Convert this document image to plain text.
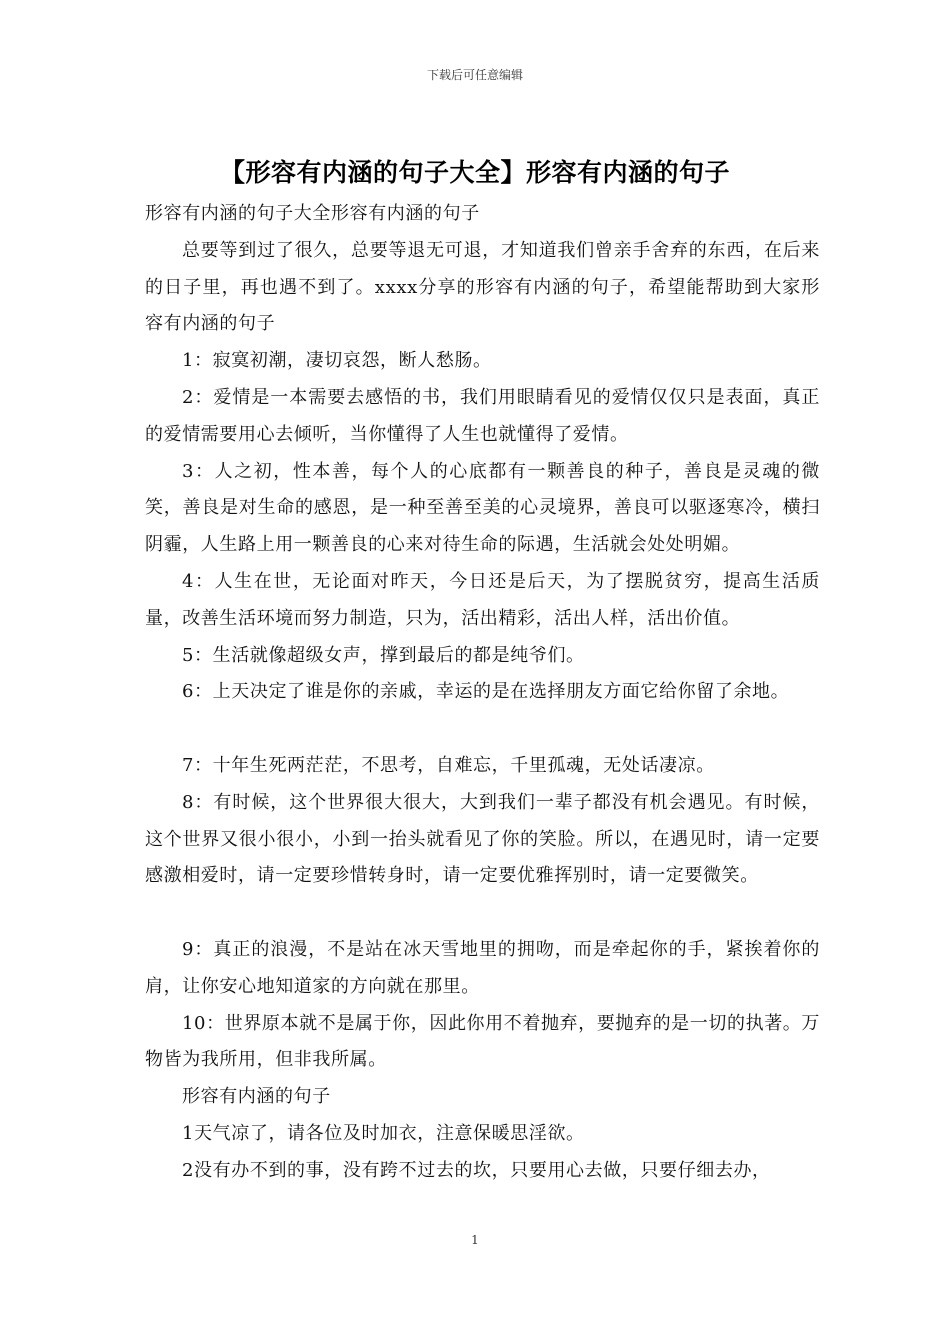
下载后可任意编辑
【形容有内涵的句子大全】形容有内涵的句子

形容有内涵的句子大全形容有内涵的句子

总要等到过了很久，总要等退无可退，才知道我们曾亲手舍弃的东西，在后来的日子里，再也遇不到了。xxxx分享的形容有内涵的句子，希望能帮助到大家形容有内涵的句子

1：寂寞初潮，凄切哀怨，断人愁肠。

2：爱情是一本需要去感悟的书，我们用眼睛看见的爱情仅仅只是表面，真正的爱情需要用心去倾听，当你懂得了人生也就懂得了爱情。

3：人之初，性本善，每个人的心底都有一颗善良的种子，善良是灵魂的微笑，善良是对生命的感恩，是一种至善至美的心灵境界，善良可以驱逐寒冷，横扫阴霾，人生路上用一颗善良的心来对待生命的际遇，生活就会处处明媚。

4：人生在世，无论面对昨天，今日还是后天，为了摆脱贫穷，提高生活质量，改善生活环境而努力制造，只为，活出精彩，活出人样，活出价值。

5：生活就像超级女声，撑到最后的都是纯爷们。

6：上天决定了谁是你的亲戚，幸运的是在选择朋友方面它给你留了余地。

7：十年生死两茫茫，不思考，自难忘，千里孤魂，无处话凄凉。

8：有时候，这个世界很大很大，大到我们一辈子都没有机会遇见。有时候，这个世界又很小很小，小到一抬头就看见了你的笑脸。所以，在遇见时，请一定要感激相爱时，请一定要珍惜转身时，请一定要优雅挥别时，请一定要微笑。

9：真正的浪漫，不是站在冰天雪地里的拥吻，而是牵起你的手，紧挨着你的肩，让你安心地知道家的方向就在那里。

10：世界原本就不是属于你，因此你用不着抛弃，要抛弃的是一切的执著。万物皆为我所用，但非我所属。

形容有内涵的句子

1天气凉了，请各位及时加衣，注意保暖思淫欲。

2没有办不到的事，没有跨不过去的坎，只要用心去做，只要仔细去办，

1
